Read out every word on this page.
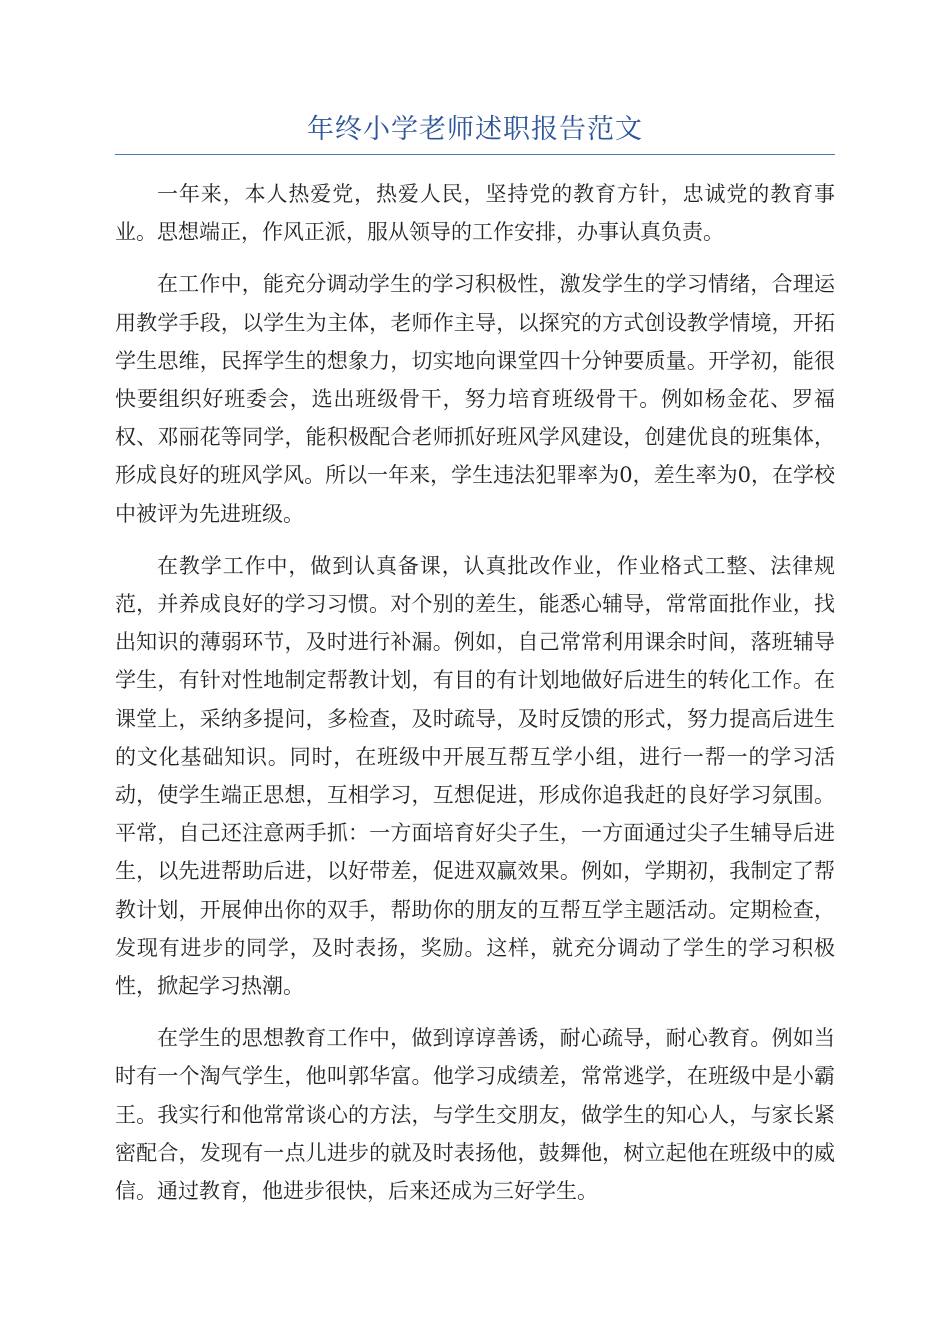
年终小学老师述职报告范文

一年来，本人热爱党，热爱人民，坚持党的教育方针，忠诚党的教育事业。思想端正，作风正派，服从领导的工作安排，办事认真负责。

在工作中，能充分调动学生的学习积极性，激发学生的学习情绪，合理运用教学手段，以学生为主体，老师作主导，以探究的方式创设教学情境，开拓学生思维，民挥学生的想象力，切实地向课堂四十分钟要质量。开学初，能很快要组织好班委会，选出班级骨干，努力培育班级骨干。例如杨金花、罗福权、邓丽花等同学，能积极配合老师抓好班风学风建设，创建优良的班集体，形成良好的班风学风。所以一年来，学生违法犯罪率为0，差生率为0，在学校中被评为先进班级。

在教学工作中，做到认真备课，认真批改作业，作业格式工整、法律规范，并养成良好的学习习惯。对个别的差生，能悉心辅导，常常面批作业，找出知识的薄弱环节，及时进行补漏。例如，自己常常利用课余时间，落班辅导学生，有针对性地制定帮教计划，有目的有计划地做好后进生的转化工作。在课堂上，采纳多提问，多检查，及时疏导，及时反馈的形式，努力提高后进生的文化基础知识。同时，在班级中开展互帮互学小组，进行一帮一的学习活动，使学生端正思想，互相学习，互想促进，形成你追我赶的良好学习氛围。平常，自己还注意两手抓：一方面培育好尖子生，一方面通过尖子生辅导后进生，以先进帮助后进，以好带差，促进双赢效果。例如，学期初，我制定了帮教计划，开展伸出你的双手，帮助你的朋友的互帮互学主题活动。定期检查，发现有进步的同学，及时表扬，奖励。这样，就充分调动了学生的学习积极性，掀起学习热潮。

在学生的思想教育工作中，做到谆谆善诱，耐心疏导，耐心教育。例如当时有一个淘气学生，他叫郭华富。他学习成绩差，常常逃学，在班级中是小霸王。我实行和他常常谈心的方法，与学生交朋友，做学生的知心人，与家长紧密配合，发现有一点儿进步的就及时表扬他，鼓舞他，树立起他在班级中的威信。通过教育，他进步很快，后来还成为三好学生。
